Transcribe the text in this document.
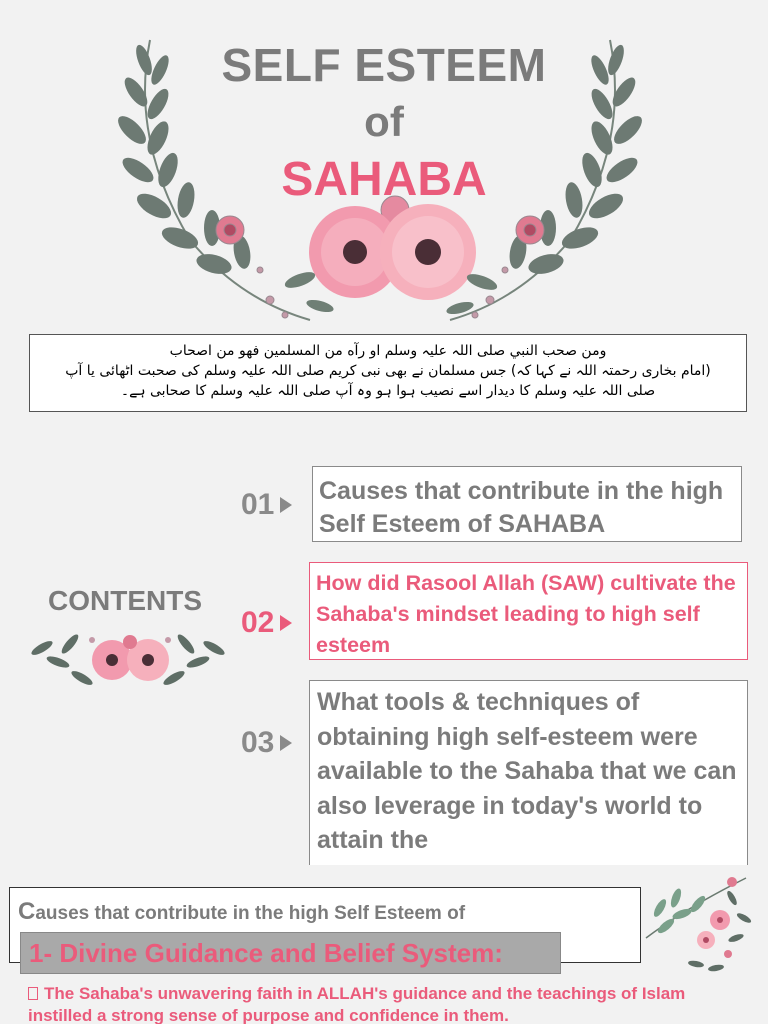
SELF ESTEEM
of
SAHABA
ومن صحب النبي صلی اللہ علیہ وسلم او رآه من المسلمین فهو من اصحاب
(امام بخاری رحمتہ اللہ نے کہا کہ) جس مسلمان نے بھی نبی کریم صلی اللہ علیہ وسلم کی صحبت اٹھائی یا آپ
صلی اللہ علیہ وسلم کا دیدار اسے نصیب ہوا ہو وہ آپ صلی اللہ علیہ وسلم کا صحابی ہے۔
CONTENTS
01 Causes that contribute in the high Self Esteem of SAHABA
02
How did Rasool Allah (SAW) cultivate the Sahaba's mindset leading to high self esteem
03
What tools & techniques of obtaining high self-esteem were available to the Sahaba that we can also leverage in today's world to attain the
Causes that contribute in the high Self Esteem of
1- Divine Guidance and Belief System:
The Sahaba's unwavering faith in ALLAH's guidance and the teachings of Islam instilled a strong sense of purpose and confidence in them.
